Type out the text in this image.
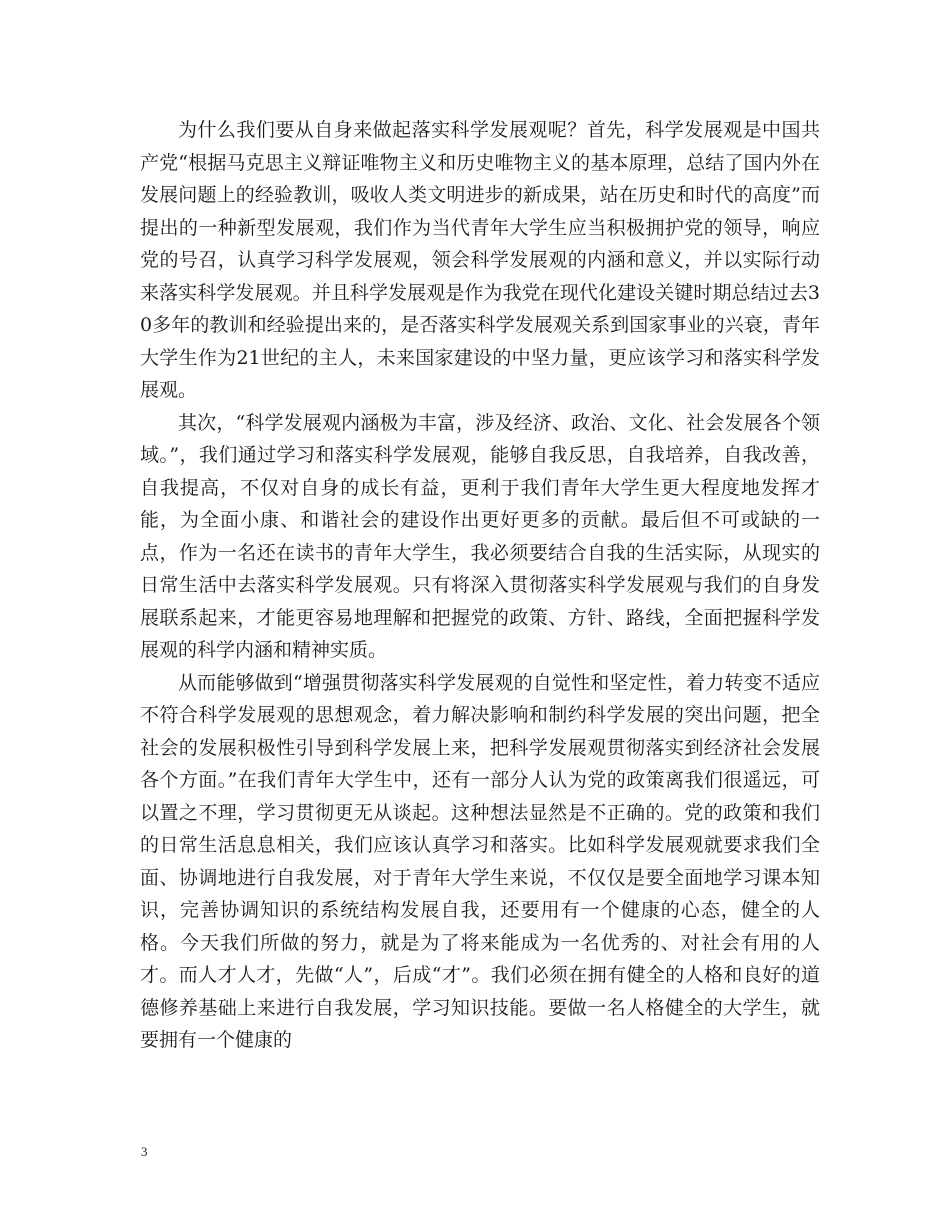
为什么我们要从自身来做起落实科学发展观呢？首先，科学发展观是中国共产党“根据马克思主义辩证唯物主义和历史唯物主义的基本原理，总结了国内外在发展问题上的经验教训，吸收人类文明进步的新成果，站在历史和时代的高度”而提出的一种新型发展观，我们作为当代青年大学生应当积极拥护党的领导，响应党的号召，认真学习科学发展观，领会科学发展观的内涵和意义，并以实际行动来落实科学发展观。并且科学发展观是作为我党在现代化建设关键时期总结过去30多年的教训和经验提出来的，是否落实科学发展观关系到国家事业的兴衰，青年大学生作为21世纪的主人，未来国家建设的中坚力量，更应该学习和落实科学发展观。

其次，“科学发展观内涵极为丰富，涉及经济、政治、文化、社会发展各个领域。”，我们通过学习和落实科学发展观，能够自我反思，自我培养，自我改善，自我提高，不仅对自身的成长有益，更利于我们青年大学生更大程度地发挥才能，为全面小康、和谐社会的建设作出更好更多的贡献。最后但不可或缺的一点，作为一名还在读书的青年大学生，我必须要结合自我的生活实际，从现实的日常生活中去落实科学发展观。只有将深入贯彻落实科学发展观与我们的自身发展联系起来，才能更容易地理解和把握党的政策、方针、路线，全面把握科学发展观的科学内涵和精神实质。

从而能够做到“增强贯彻落实科学发展观的自觉性和坚定性，着力转变不适应不符合科学发展观的思想观念，着力解决影响和制约科学发展的突出问题，把全社会的发展积极性引导到科学发展上来，把科学发展观贯彻落实到经济社会发展各个方面。”在我们青年大学生中，还有一部分人认为党的政策离我们很遥远，可以置之不理，学习贯彻更无从谈起。这种想法显然是不正确的。党的政策和我们的日常生活息息相关，我们应该认真学习和落实。比如科学发展观就要求我们全面、协调地进行自我发展，对于青年大学生来说，不仅仅是要全面地学习课本知识，完善协调知识的系统结构发展自我，还要用有一个健康的心态，健全的人格。今天我们所做的努力，就是为了将来能成为一名优秀的、对社会有用的人才。而人才人才，先做“人”，后成“才”。我们必须在拥有健全的人格和良好的道德修养基础上来进行自我发展，学习知识技能。要做一名人格健全的大学生，就要拥有一个健康的

3
